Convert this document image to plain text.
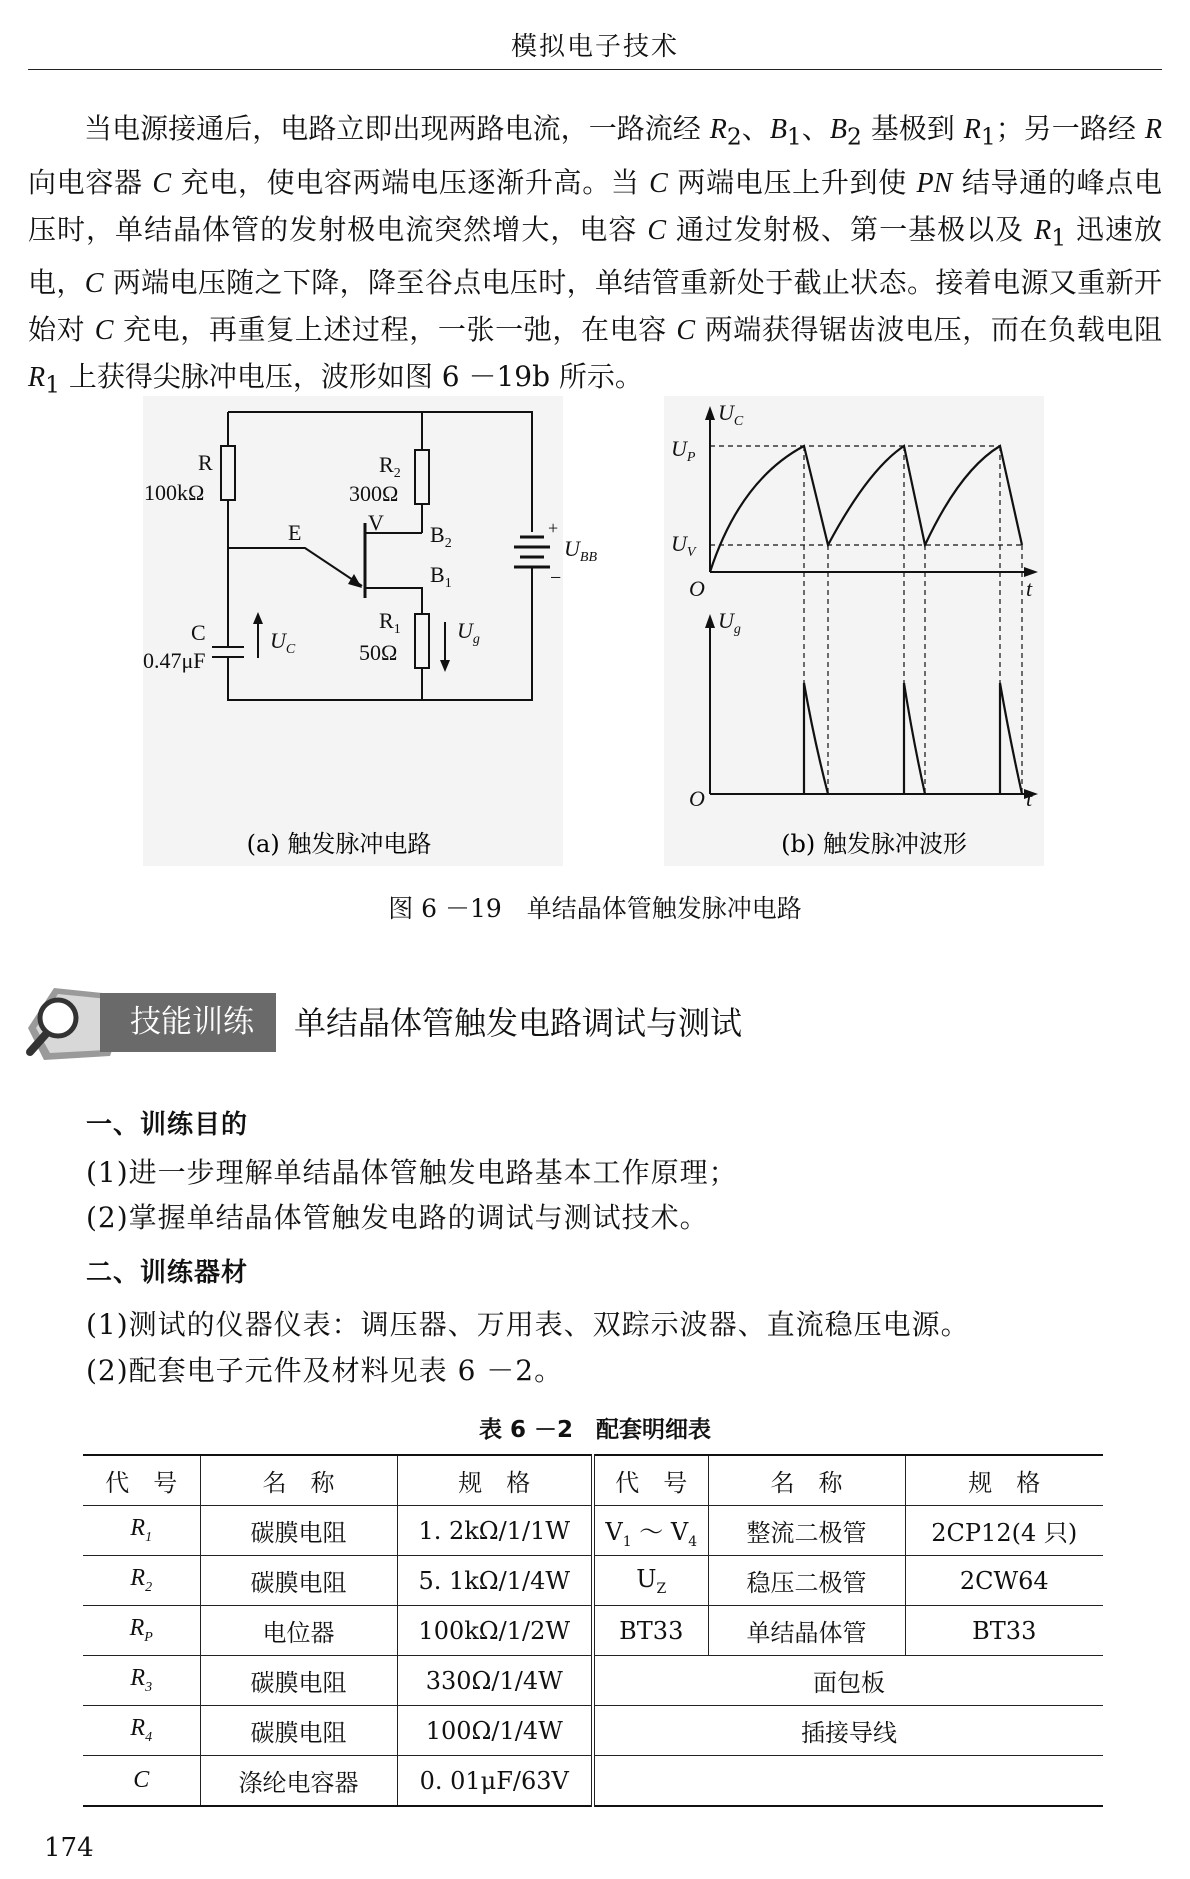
模拟电子技术
当电源接通后，电路立即出现两路电流，一路流经 $R_2$、$B_1$、$B_2$ 基极到 $R_1$；另一路经 R 向电容器 C 充电，使电容两端电压逐渐升高。当 C 两端电压上升到使 PN 结导通的峰点电压时，单结晶体管的发射极电流突然增大，电容 C 通过发射极、第一基极以及 $R_1$ 迅速放电，C 两端电压随之下降，降至谷点电压时，单结管重新处于截止状态。接着电源又重新开始对 C 充电，再重复上述过程，一张一弛，在电容 C 两端获得锯齿波电压，而在负载电阻 $R_1$ 上获得尖脉冲电压，波形如图 6 －19b 所示。
R
100kΩ
$R_2$
300Ω
E	V $B_2$
$B_1$
$R_1$
50Ω
C
0.47μF
$U_C$
$U_g$
$U_{BB}$
+
−
$U_C$
$U_P$
$U_V$
O	t
$U_g$
O	t
(a) 触发脉冲电路	(b) 触发脉冲波形
图 6 －19　单结晶体管触发脉冲电路
技能训练	单结晶体管触发电路调试与测试
一、训练目的
(1)进一步理解单结晶体管触发电路基本工作原理；
(2)掌握单结晶体管触发电路的调试与测试技术。
二、训练器材
(1)测试的仪器仪表：调压器、万用表、双踪示波器、直流稳压电源。
(2)配套电子元件及材料见表 6 －2。
表 6 －2　配套明细表
代　号	名　称	规　格	代　号	名　称	规　格
$R_1$	碳膜电阻	1. 2kΩ/1/1W	$V_1$ ～ $V_4$	整流二极管	2CP12(4 只)
$R_2$	碳膜电阻	5. 1kΩ/1/4W	$U_Z$	稳压二极管	2CW64
$R_P$	电位器	100kΩ/1/2W	BT33	单结晶体管	BT33
$R_3$	碳膜电阻	330Ω/1/4W	面包板		
$R_4$	碳膜电阻	100Ω/1/4W	插接导线		
C	涤纶电容器	0. 01μF/63V			
174
